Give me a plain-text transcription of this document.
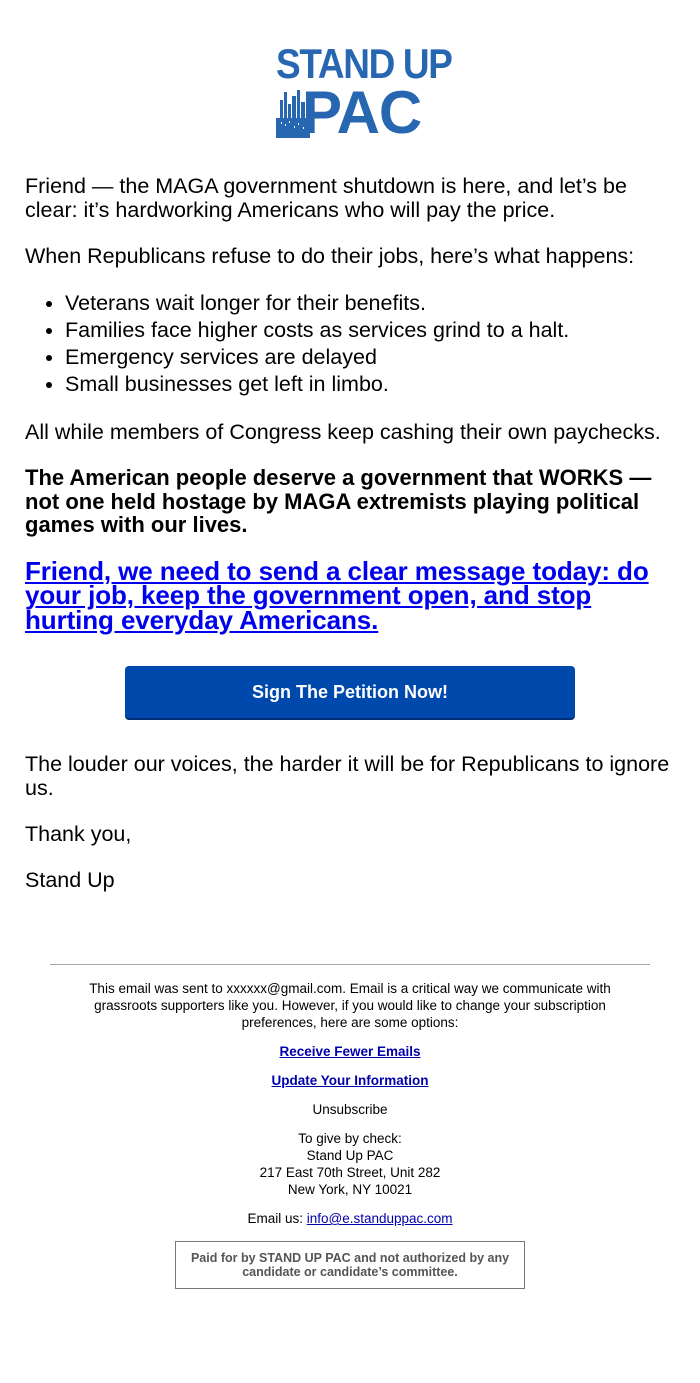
STAND UP
PAC

Friend — the MAGA government shutdown is here, and let’s be clear: it’s hardworking Americans who will pay the price.

When Republicans refuse to do their jobs, here’s what happens:

• Veterans wait longer for their benefits.
• Families face higher costs as services grind to a halt.
• Emergency services are delayed
• Small businesses get left in limbo.

All while members of Congress keep cashing their own paychecks.

The American people deserve a government that WORKS — not one held hostage by MAGA extremists playing political games with our lives.

Friend, we need to send a clear message today: do your job, keep the government open, and stop hurting everyday Americans.
Sign The Petition Now!

The louder our voices, the harder it will be for Republicans to ignore us.

Thank you,

Stand Up

This email was sent to xxxxxx@gmail.com. Email is a critical way we communicate with grassroots supporters like you. However, if you would like to change your subscription preferences, here are some options:

Receive Fewer Emails

Update Your Information

Unsubscribe

To give by check:
Stand Up PAC
217 East 70th Street, Unit 282
New York, NY 10021

Email us: info@e.standuppac.com

Paid for by STAND UP PAC and not authorized by any candidate or candidate’s committee.
